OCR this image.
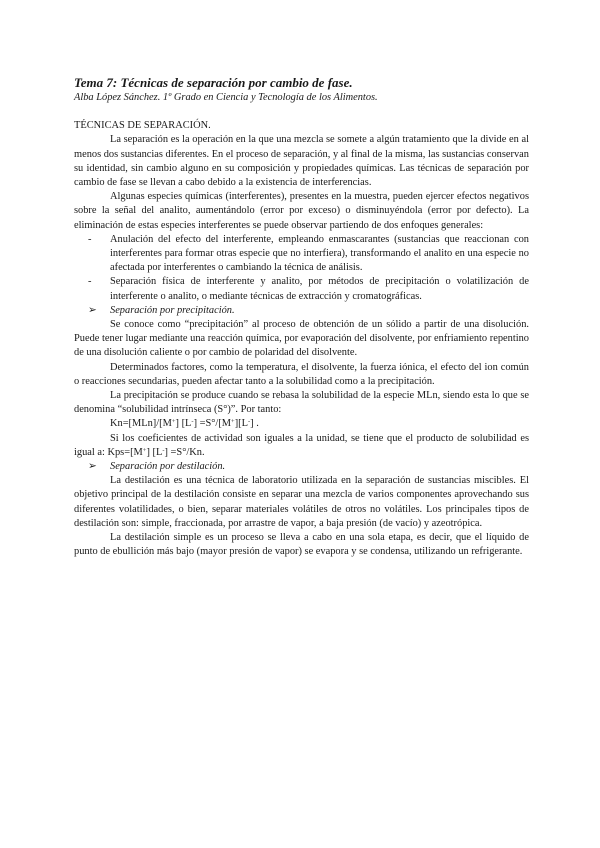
Tema 7: Técnicas de separación por cambio de fase.

Alba López Sánchez. 1º Grado en Ciencia y Tecnología de los Alimentos.

TÉCNICAS DE SEPARACIÓN.

La separación es la operación en la que una mezcla se somete a algún tratamiento que la divide en al menos dos sustancias diferentes. En el proceso de separación, y al final de la misma, las sustancias conservan su identidad, sin cambio alguno en su composición y propiedades químicas. Las técnicas de separación por cambio de fase se llevan a cabo debido a la existencia de interferencias.

Algunas especies químicas (interferentes), presentes en la muestra, pueden ejercer efectos negativos sobre la señal del analito, aumentándolo (error por exceso) o disminuyéndola (error por defecto). La eliminación de estas especies interferentes se puede observar partiendo de dos enfoques generales:

- Anulación del efecto del interferente, empleando enmascarantes (sustancias que reaccionan con interferentes para formar otras especie que no interfiera), transformando el analito en una especie no afectada por interferentes o cambiando la técnica de análisis.
- Separación física de interferente y analito, por métodos de precipitación o volatilización de interferente o analito, o mediante técnicas de extracción y cromatográficas.

➢ Separación por precipitación.

Se conoce como “precipitación” al proceso de obtención de un sólido a partir de una disolución. Puede tener lugar mediante una reacción química, por evaporación del disolvente, por enfriamiento repentino de una disolución caliente o por cambio de polaridad del disolvente.

Determinados factores, como la temperatura, el disolvente, la fuerza iónica, el efecto del ion común o reacciones secundarias, pueden afectar tanto a la solubilidad como a la precipitación.

La precipitación se produce cuando se rebasa la solubilidad de la especie MLn, siendo esta lo que se denomina “solubilidad intrínseca (S°)”. Por tanto:

Kn=[MLn]/[M+] [L-] =S°/[M+][L-] .

Si los coeficientes de actividad son iguales a la unidad, se tiene que el producto de solubilidad es igual a: Kps=[M+] [L-] =S°/Kn.

➢ Separación por destilación.

La destilación es una técnica de laboratorio utilizada en la separación de sustancias miscibles. El objetivo principal de la destilación consiste en separar una mezcla de varios componentes aprovechando sus diferentes volatilidades, o bien, separar materiales volátiles de otros no volátiles. Los principales tipos de destilación son: simple, fraccionada, por arrastre de vapor, a baja presión (de vacío) y azeotrópica.

La destilación simple es un proceso se lleva a cabo en una sola etapa, es decir, que el líquido de punto de ebullición más bajo (mayor presión de vapor) se evapora y se condensa, utilizando un refrigerante.
